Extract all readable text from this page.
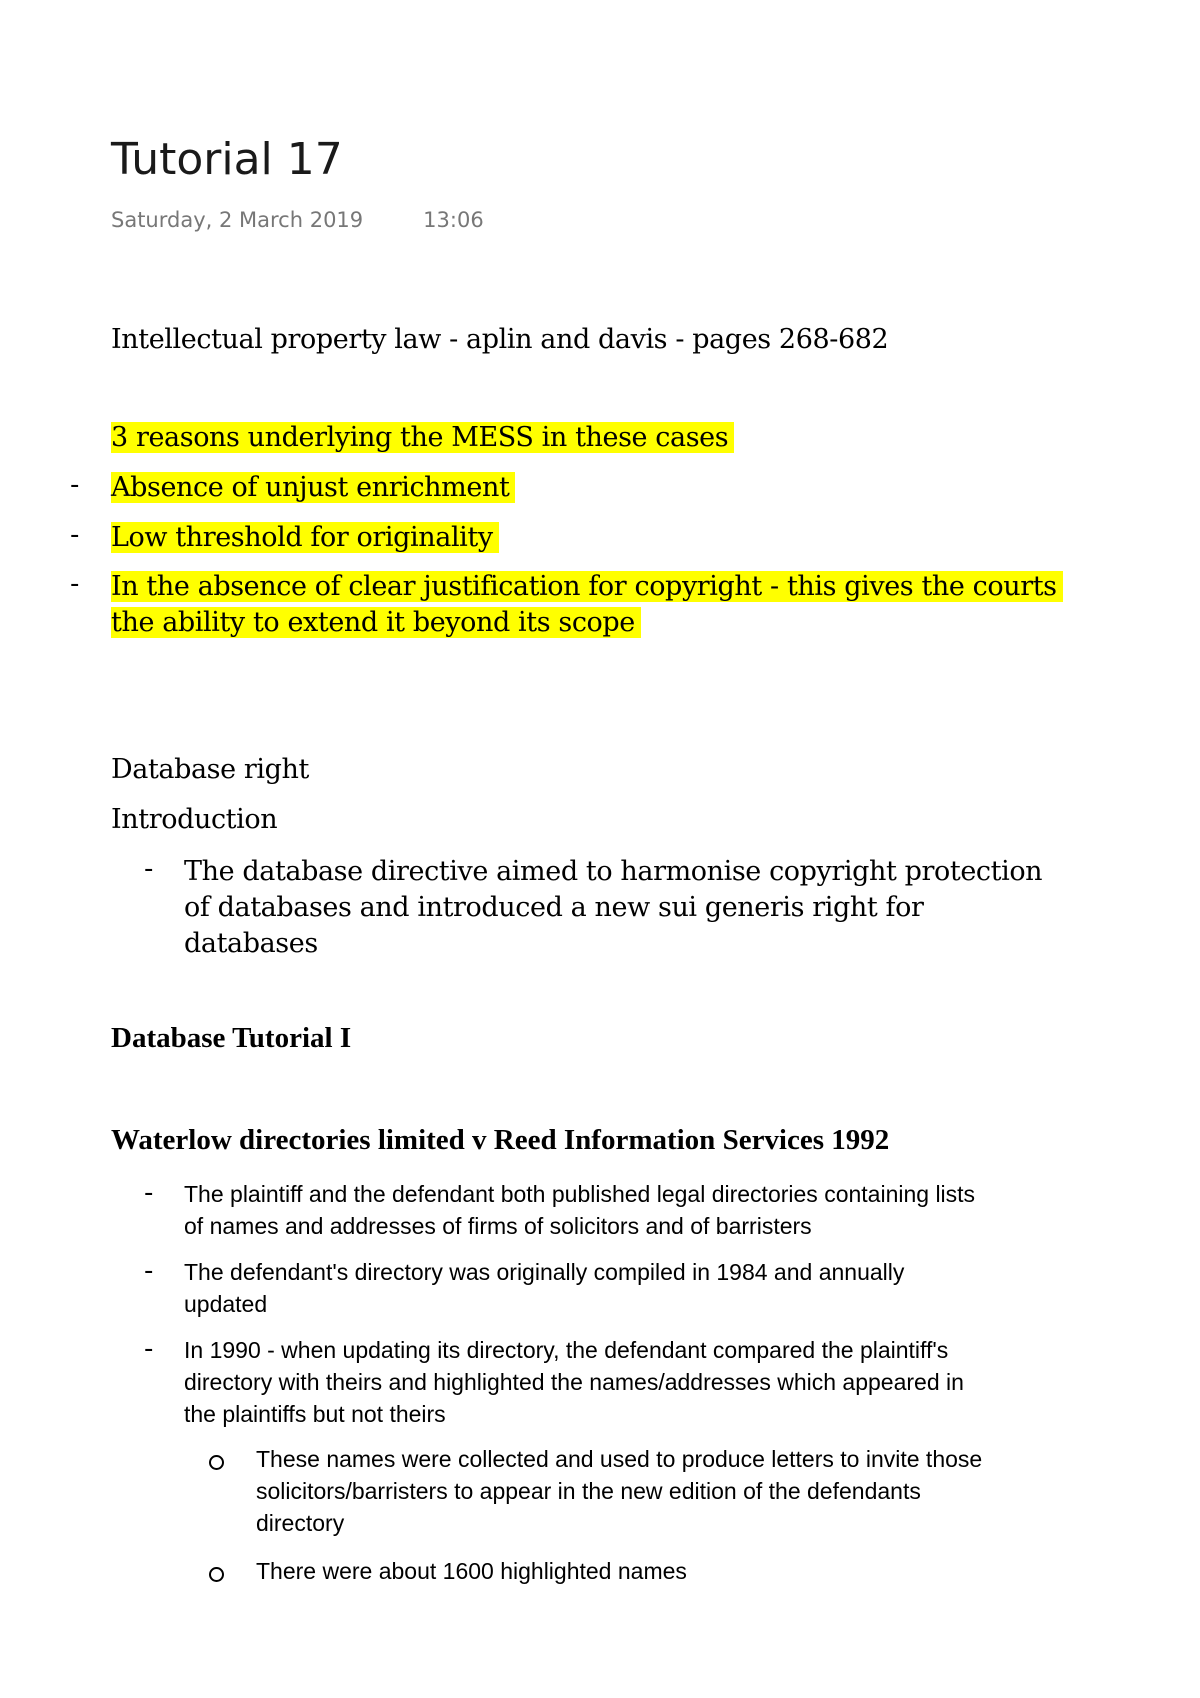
Tutorial 17
Saturday, 2 March 2019	13:06
Intellectual property law - aplin and davis - pages 268-682
3 reasons underlying the MESS in these cases
- Absence of unjust enrichment
- Low threshold for originality
- In the absence of clear justification for copyright - this gives the courts
the ability to extend it beyond its scope
Database right
Introduction
- The database directive aimed to harmonise copyright protection
of databases and introduced a new sui generis right for
databases
Database Tutorial I
Waterlow directories limited v Reed Information Services 1992
- The plaintiff and the defendant both published legal directories containing lists
of names and addresses of firms of solicitors and of barristers
- The defendant's directory was originally compiled in 1984 and annually
updated
- In 1990 - when updating its directory, the defendant compared the plaintiff's
directory with theirs and highlighted the names/addresses which appeared in
the plaintiffs but not theirs
These names were collected and used to produce letters to invite those
solicitors/barristers to appear in the new edition of the defendants
directory
There were about 1600 highlighted names
